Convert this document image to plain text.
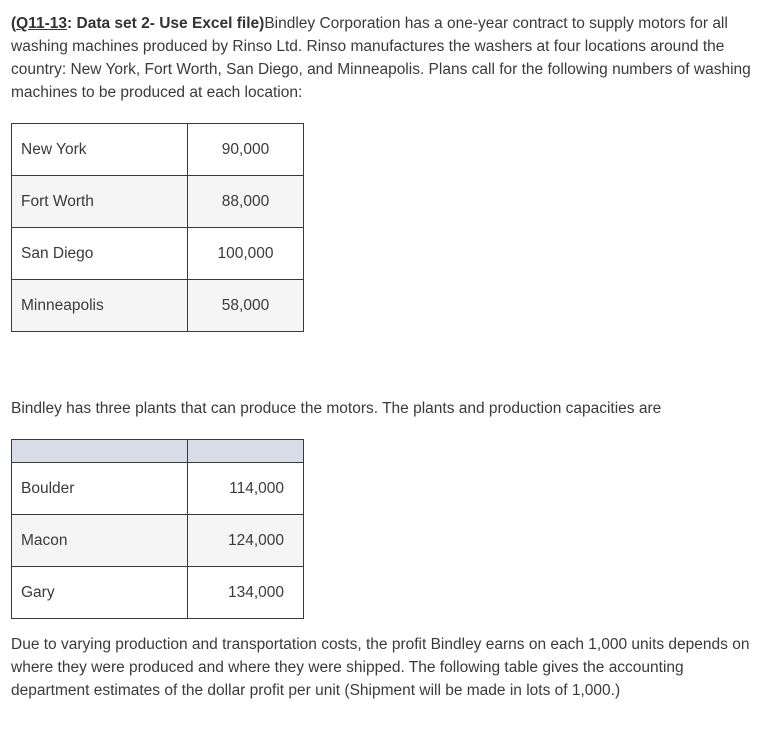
(Q11-13: Data set 2- Use Excel file)Bindley Corporation has a one-year contract to supply motors for all washing machines produced by Rinso Ltd. Rinso manufactures the washers at four locations around the country: New York, Fort Worth, San Diego, and Minneapolis. Plans call for the following numbers of washing machines to be produced at each location:

New York	90,000
Fort Worth	88,000
San Diego	100,000
Minneapolis	58,000

Bindley has three plants that can produce the motors. The plants and production capacities are

Boulder	114,000
Macon	124,000
Gary	134,000

Due to varying production and transportation costs, the profit Bindley earns on each 1,000 units depends on where they were produced and where they were shipped. The following table gives the accounting department estimates of the dollar profit per unit (Shipment will be made in lots of 1,000.)
